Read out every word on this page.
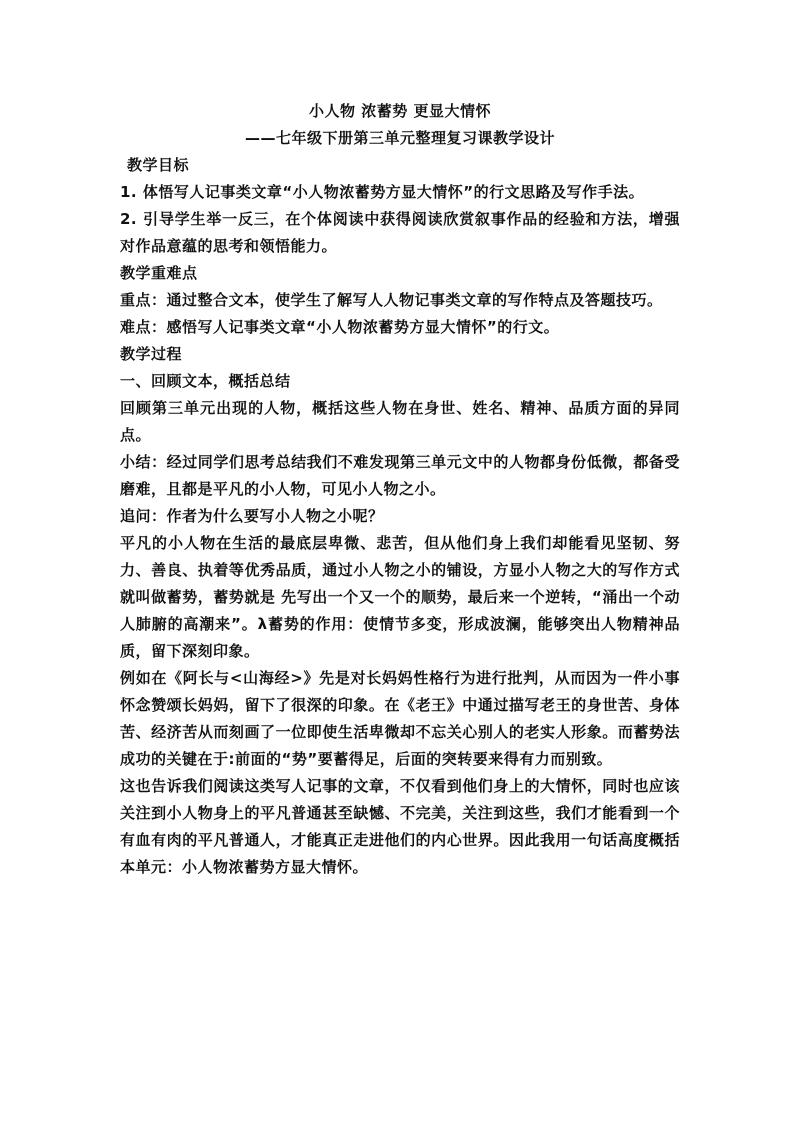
小人物 浓蓄势 更显大情怀

——七年级下册第三单元整理复习课教学设计

教学目标

1. 体悟写人记事类文章“小人物浓蓄势方显大情怀”的行文思路及写作手法。

2. 引导学生举一反三，在个体阅读中获得阅读欣赏叙事作品的经验和方法，增强对作品意蕴的思考和领悟能力。

教学重难点

重点：通过整合文本，使学生了解写人人物记事类文章的写作特点及答题技巧。

难点：感悟写人记事类文章“小人物浓蓄势方显大情怀”的行文。

教学过程

一、回顾文本，概括总结

回顾第三单元出现的人物，概括这些人物在身世、姓名、精神、品质方面的异同点。

小结：经过同学们思考总结我们不难发现第三单元文中的人物都身份低微，都备受磨难，且都是平凡的小人物，可见小人物之小。

追问：作者为什么要写小人物之小呢？

平凡的小人物在生活的最底层卑微、悲苦，但从他们身上我们却能看见坚韧、努力、善良、执着等优秀品质，通过小人物之小的铺设，方显小人物之大的写作方式就叫做蓄势，蓄势就是 先写出一个又一个的顺势，最后来一个逆转，“涌出一个动人肺腑的高潮来”。λ蓄势的作用：使情节多变，形成波澜，能够突出人物精神品质，留下深刻印象。

例如在《阿长与<山海经>》先是对长妈妈性格行为进行批判，从而因为一件小事怀念赞颂长妈妈，留下了很深的印象。在《老王》中通过描写老王的身世苦、身体苦、经济苦从而刻画了一位即使生活卑微却不忘关心别人的老实人形象。而蓄势法成功的关键在于:前面的“势”要蓄得足，后面的突转要来得有力而别致。

这也告诉我们阅读这类写人记事的文章，不仅看到他们身上的大情怀，同时也应该关注到小人物身上的平凡普通甚至缺憾、不完美，关注到这些，我们才能看到一个有血有肉的平凡普通人，才能真正走进他们的内心世界。因此我用一句话高度概括本单元：小人物浓蓄势方显大情怀。
